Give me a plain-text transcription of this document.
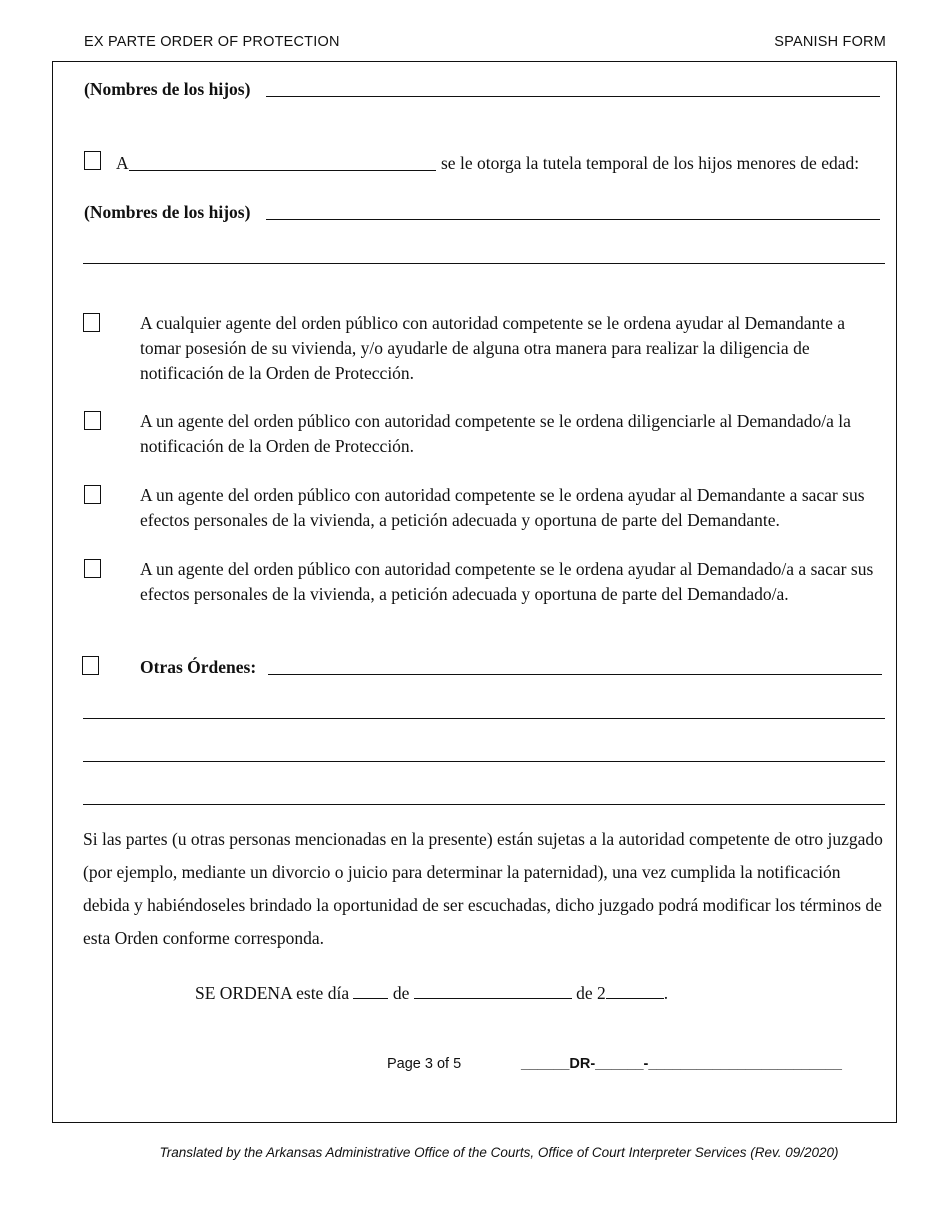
EX PARTE ORDER OF PROTECTION	SPANISH FORM
(Nombres de los hijos)
A	se le otorga la tutela temporal de los hijos menores de edad:
(Nombres de los hijos)
A cualquier agente del orden público con autoridad competente se le ordena ayudar al Demandante a tomar posesión de su vivienda, y/o ayudarle de alguna otra manera para realizar la diligencia de notificación de la Orden de Protección.
A un agente del orden público con autoridad competente se le ordena diligenciarle al Demandado/a la notificación de la Orden de Protección.
A un agente del orden público con autoridad competente se le ordena ayudar al Demandante a sacar sus efectos personales de la vivienda, a petición adecuada y oportuna de parte del Demandante.
A un agente del orden público con autoridad competente se le ordena ayudar al Demandado/a a sacar sus efectos personales de la vivienda, a petición adecuada y oportuna de parte del Demandado/a.
Otras Órdenes:
Si las partes (u otras personas mencionadas en la presente) están sujetas a la autoridad competente de otro juzgado (por ejemplo, mediante un divorcio o juicio para determinar la paternidad), una vez cumplida la notificación debida y habiéndoseles brindado la oportunidad de ser escuchadas, dicho juzgado podrá modificar los términos de esta Orden conforme corresponda.
SE ORDENA este día	de	de 2	.
Page 3 of 5	______DR-______-________________________
Translated by the Arkansas Administrative Office of the Courts, Office of Court Interpreter Services (Rev. 09/2020)
